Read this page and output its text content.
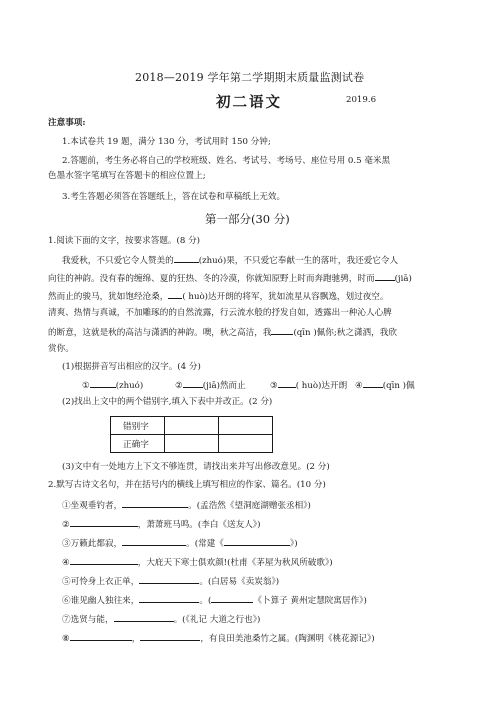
2018—2019 学年第二学期期末质量监测试卷
初二语文	2019.6
注意事项:
1.本试卷共 19 题，满分 130 分，考试用时 150 分钟;
2.答题前，考生务必将自己的学校班级、姓名、考试号、考场号、座位号用 0.5 毫米黑
色墨水签字笔填写在答题卡的相应位置上;
3.考生答题必须答在答题纸上，答在试卷和草稿纸上无效。
第一部分(30 分)
1.阅读下面的文字，按要求答题。(8 分)
我爱秋，不只爱它令人赞美的	(zhuó)果，不只爱它奉献一生的落叶，我还爱它令人
向往的神韵。没有春的缠绵、夏的狂热、冬的冷漠，你就知原野上时而奔跑驰骋，时而 (jiā)
然而止的骏马，犹如饱经沧桑， ( huò)达开朗的将军，犹如流星从容飘逸，划过夜空。
清爽、热情与真诚，不加雕琢的的自然流露，行云流水般的抒发自如，透露出一种沁人心脾
的断意，这就是秋的高洁与潇洒的神韵。噢，秋之高洁，我	(qīn )佩你;秋之潇洒，我欣
赏你。
(1)根据拼音写出相应的汉字。(4 分)
①	(zhuó)	② (jiā)然而止	③ ( huò)达开朗 ④ (qīn )佩
(2)找出上文中的两个错别字,填入下表中并改正。(2 分)
错别字		
正确字		
(3)文中有一处地方上下文不够连贯，请找出来并写出修改意见。(2 分)
2.默写古诗文名句，并在括号内的横线上填写相应的作家、篇名。(10 分)
①坐观垂钓者，	。(孟浩然《望洞庭湖赠张丞相》)
②	，萧萧班马鸣。(李白《送友人》)
③万籁此都寂，	。(常建《	》)
④	，大庇天下寒士俱欢颜!(杜甫《茅屋为秋风所破歌》)
⑤可怜身上衣正单，	。(白居易《卖炭翁》)
⑥谁见幽人独往来，	。(	《卜算子 黄州定慧院寓居作》)
⑦选贤与能，	。(《礼记 大道之行也》)
⑧	，	，有良田美池桑竹之属。(陶渊明《桃花源记》)
